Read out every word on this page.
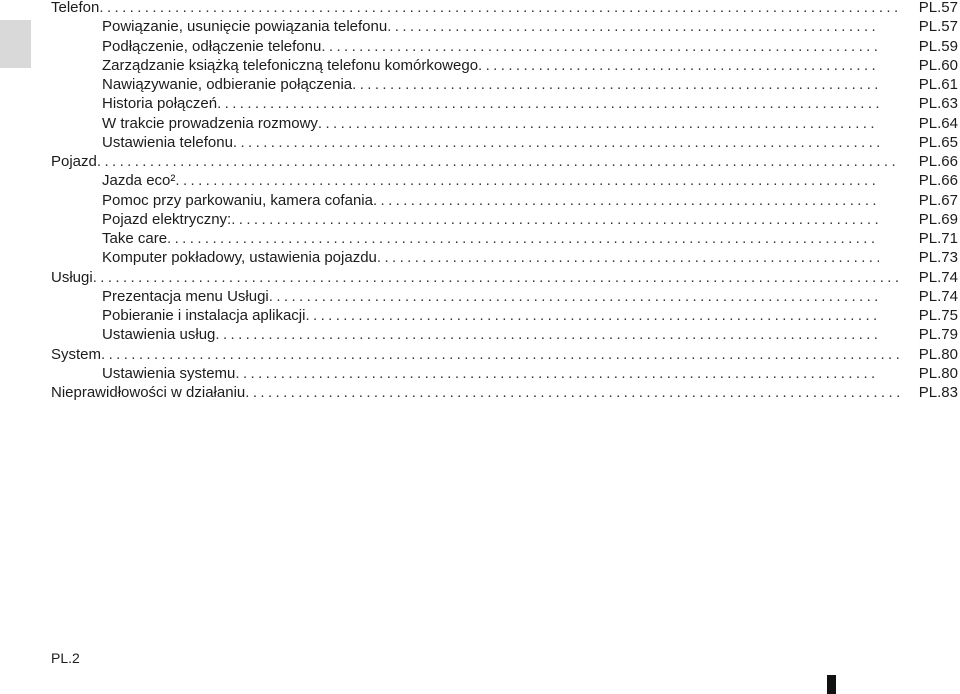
Telefon .....	PL.57
Powiązanie, usunięcie powiązania telefonu .....	PL.57
Podłączenie, odłączenie telefonu .....	PL.59
Zarządzanie książką telefoniczną telefonu komórkowego .....	PL.60
Nawiązywanie, odbieranie połączenia .....	PL.61
Historia połączeń .....	PL.63
W trakcie prowadzenia rozmowy .....	PL.64
Ustawienia telefonu .....	PL.65
Pojazd .....	PL.66
Jazda eco² .....	PL.66
Pomoc przy parkowaniu, kamera cofania .....	PL.67
Pojazd elektryczny: .....	PL.69
Take care .....	PL.71
Komputer pokładowy, ustawienia pojazdu .....	PL.73
Usługi .....	PL.74
Prezentacja menu Usługi .....	PL.74
Pobieranie i instalacja aplikacji .....	PL.75
Ustawienia usług .....	PL.79
System .....	PL.80
Ustawienia systemu .....	PL.80
Nieprawidłowości w działaniu .....	PL.83
PL.2
